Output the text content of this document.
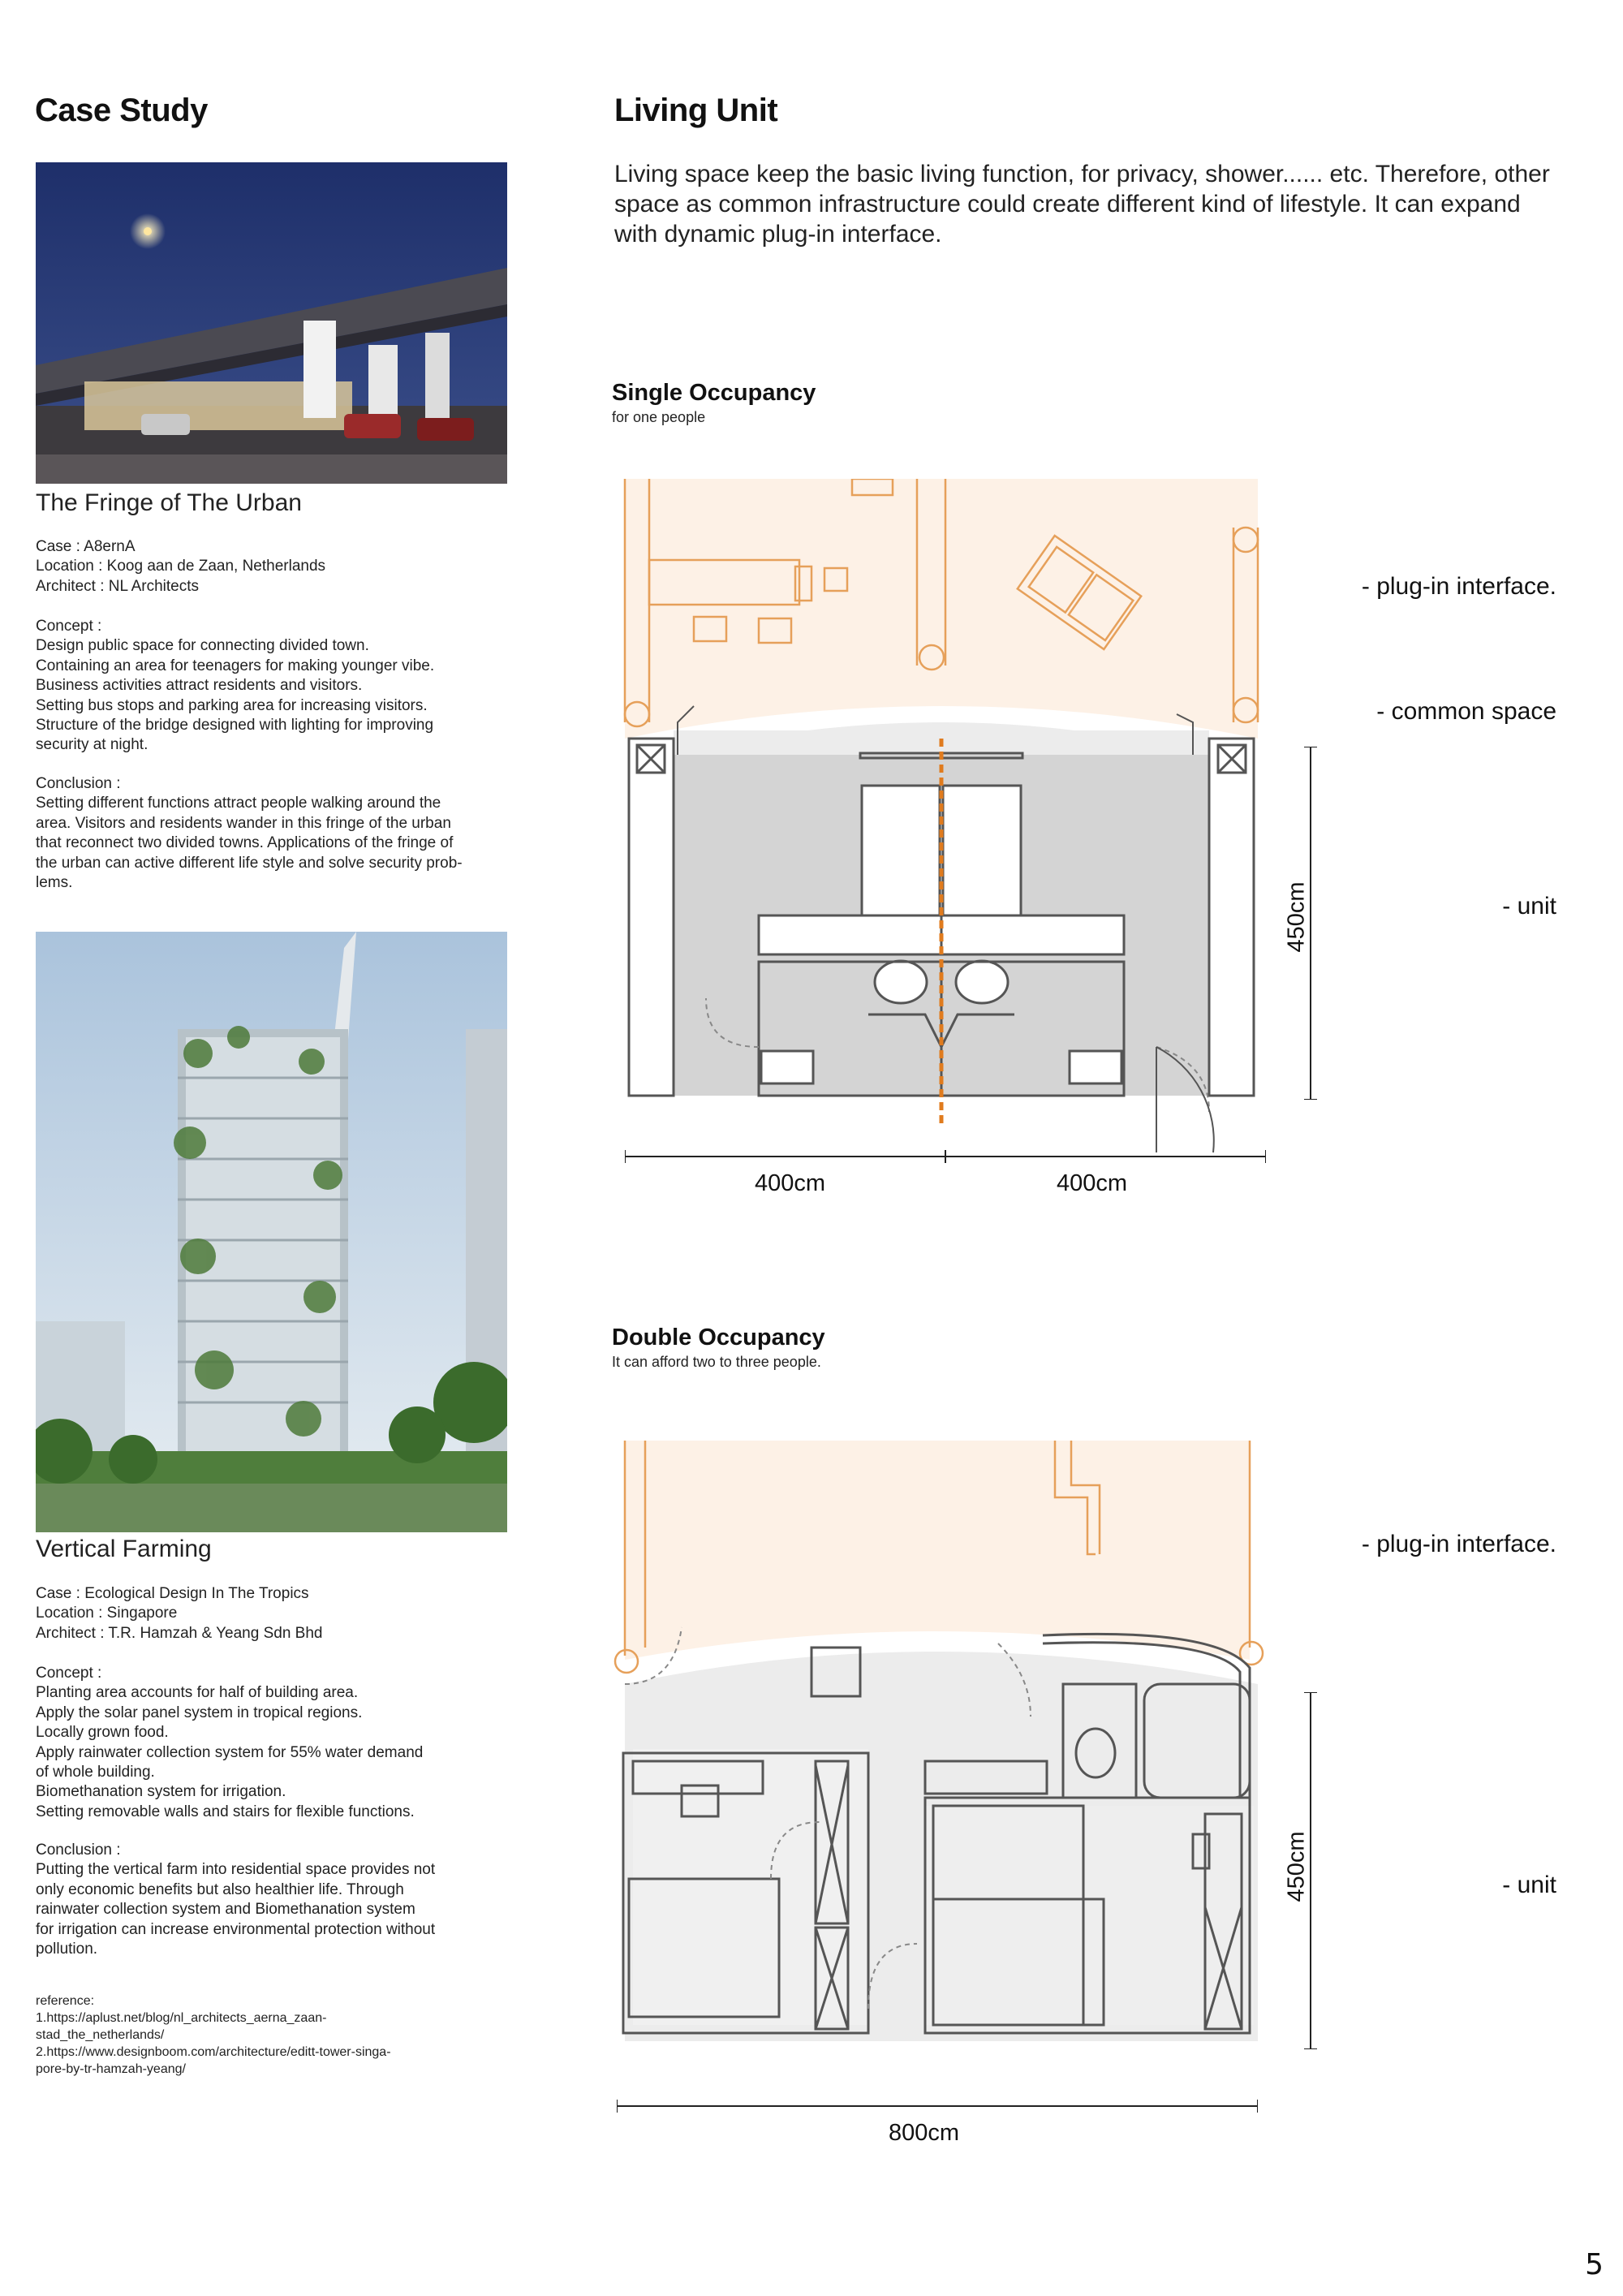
Case Study
The Fringe of The Urban
Case : A8ernA
Location : Koog aan de Zaan, Netherlands
Architect : NL Architects
Concept :
Design public space for connecting divided town.
Containing an area for teenagers for making younger vibe.
Business activities attract residents and visitors.
Setting bus stops and parking area for increasing visitors.
Structure of the bridge designed with lighting for improving
security at night.
Conclusion :
Setting different functions attract people walking around the
area. Visitors and residents wander in this fringe of the urban
that reconnect two divided towns. Applications of the fringe of
the urban can active different life style and solve security prob-
lems.
Vertical Farming
Case : Ecological Design In The Tropics
Location : Singapore
Architect : T.R. Hamzah & Yeang Sdn Bhd
Concept :
Planting area accounts for half of building area.
Apply the solar panel system in tropical regions.
Locally grown food.
Apply rainwater collection system for 55% water demand
of whole building.
Biomethanation system for irrigation.
Setting removable walls and stairs for flexible functions.
Conclusion :
Putting the vertical farm into residential space provides not
only economic benefits but also healthier life. Through
rainwater collection system and Biomethanation system
for irrigation can increase environmental protection without
pollution.
reference:
1.https://aplust.net/blog/nl_architects_aerna_zaan-
stad_the_netherlands/
2.https://www.designboom.com/architecture/editt-tower-singa-
pore-by-tr-hamzah-yeang/
Living Unit
Living space keep the basic living function, for privacy, shower...... etc. Therefore, other space as common infrastructure could create different kind of lifestyle. It can expand with dynamic plug-in interface.
Single Occupancy
for one people
400cm	400cm
450cm
- plug-in interface.
- common space
- unit
Double Occupancy
It can afford two to three people.
800cm
450cm
- plug-in interface.
- unit
5
